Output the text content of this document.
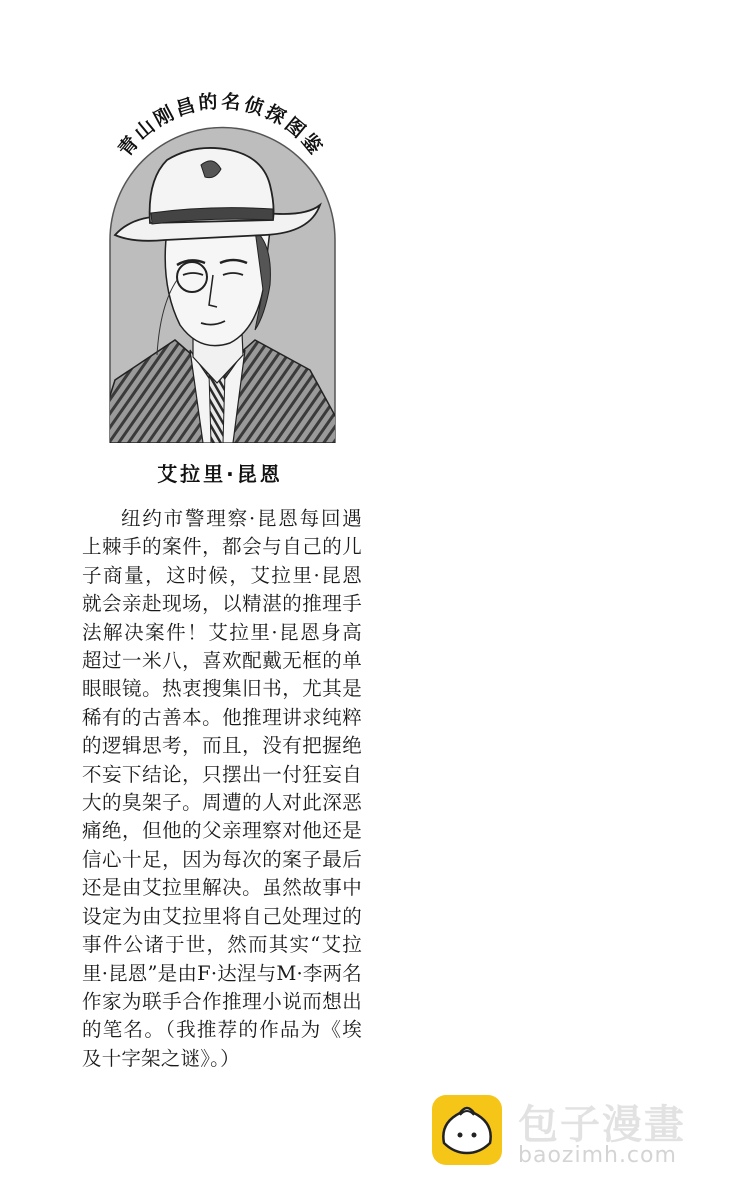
青山刚昌的名侦探图鉴
艾拉里·昆恩
纽约市警理察·昆恩每回遇上棘手的案件，都会与自己的儿子商量，这时候，艾拉里·昆恩就会亲赴现场，以精湛的推理手法解决案件！艾拉里·昆恩身高超过一米八，喜欢配戴无框的单眼眼镜。热衷搜集旧书，尤其是稀有的古善本。他推理讲求纯粹的逻辑思考，而且，没有把握绝不妄下结论，只摆出一付狂妄自大的臭架子。周遭的人对此深恶痛绝，但他的父亲理察对他还是信心十足，因为每次的案子最后还是由艾拉里解决。虽然故事中设定为由艾拉里将自己处理过的事件公诸于世，然而其实“艾拉里·昆恩”是由F·达涅与M·李两名作家为联手合作推理小说而想出的笔名。（我推荐的作品为《埃及十字架之谜》。）
包子漫畫
baozimh.com
